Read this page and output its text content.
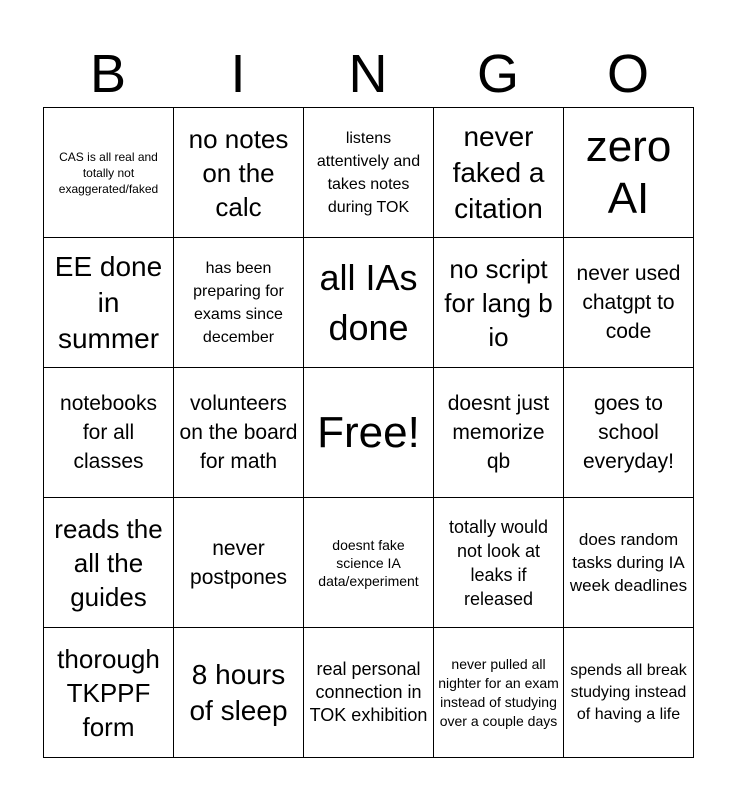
B	I	N	G	O
CAS is all real and totally not exaggerated/faked	no notes on the calc	listens attentively and takes notes during TOK	never faked a citation	zero AI
EE done in summer	has been preparing for exams since december	all IAs done	no script for lang b io	never used chatgpt to code
notebooks for all classes	volunteers on the board for math	Free!	doesnt just memorize qb	goes to school everyday!
reads the all the guides	never postpones	doesnt fake science IA data/experiment	totally would not look at leaks if released	does random tasks during IA week deadlines
thorough TKPPF form	8 hours of sleep	real personal connection in TOK exhibition	never pulled all nighter for an exam instead of studying over a couple days	spends all break studying instead of having a life
